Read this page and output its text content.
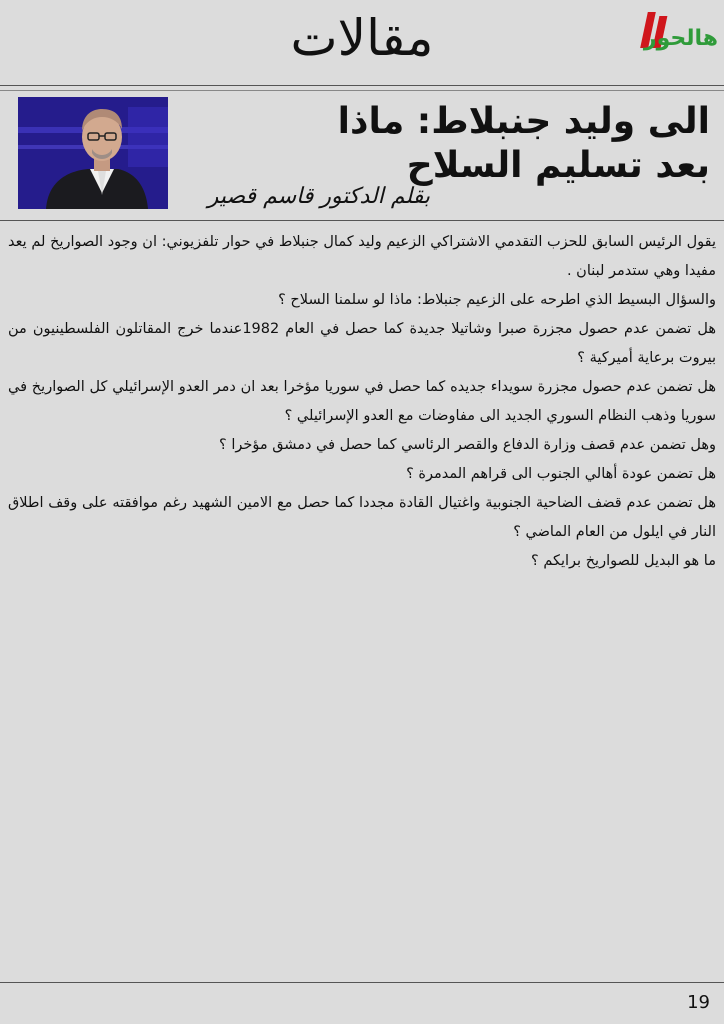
مقالات	هالحور
الى وليد جنبلاط: ماذا
بعد تسليم السلاح
بقلم الدكتور قاسم قصير

يقول الرئيس السابق للحزب التقدمي الاشتراكي الزعيم وليد كمال جنبلاط في حوار تلفزيوني: ان وجود الصواريخ لم يعد مفيدا وهي ستدمر لبنان .

والسؤال البسيط الذي اطرحه على الزعيم جنبلاط: ماذا لو سلمنا السلاح ؟

هل تضمن عدم حصول مجزرة صبرا وشاتيلا جديدة كما حصل في العام 1982عندما خرج المقاتلون الفلسطينيون من بيروت برعاية أميركية ؟

هل تضمن عدم حصول مجزرة سويداء جديده كما حصل في سوريا مؤخرا بعد ان دمر العدو الإسرائيلي كل الصواريخ في سوريا وذهب النظام السوري الجديد الى مفاوضات مع العدو الإسرائيلي ؟

وهل تضمن عدم قصف وزارة الدفاع والقصر الرئاسي كما حصل في دمشق مؤخرا ؟

هل تضمن عودة أهالي الجنوب الى قراهم المدمرة ؟

هل تضمن عدم قضف الضاحية الجنوبية واغتيال القادة مجددا كما حصل مع الامين الشهيد رغم موافقته على وقف اطلاق النار في ايلول من العام الماضي ؟

ما هو البديل للصواريخ برايكم ؟

19
